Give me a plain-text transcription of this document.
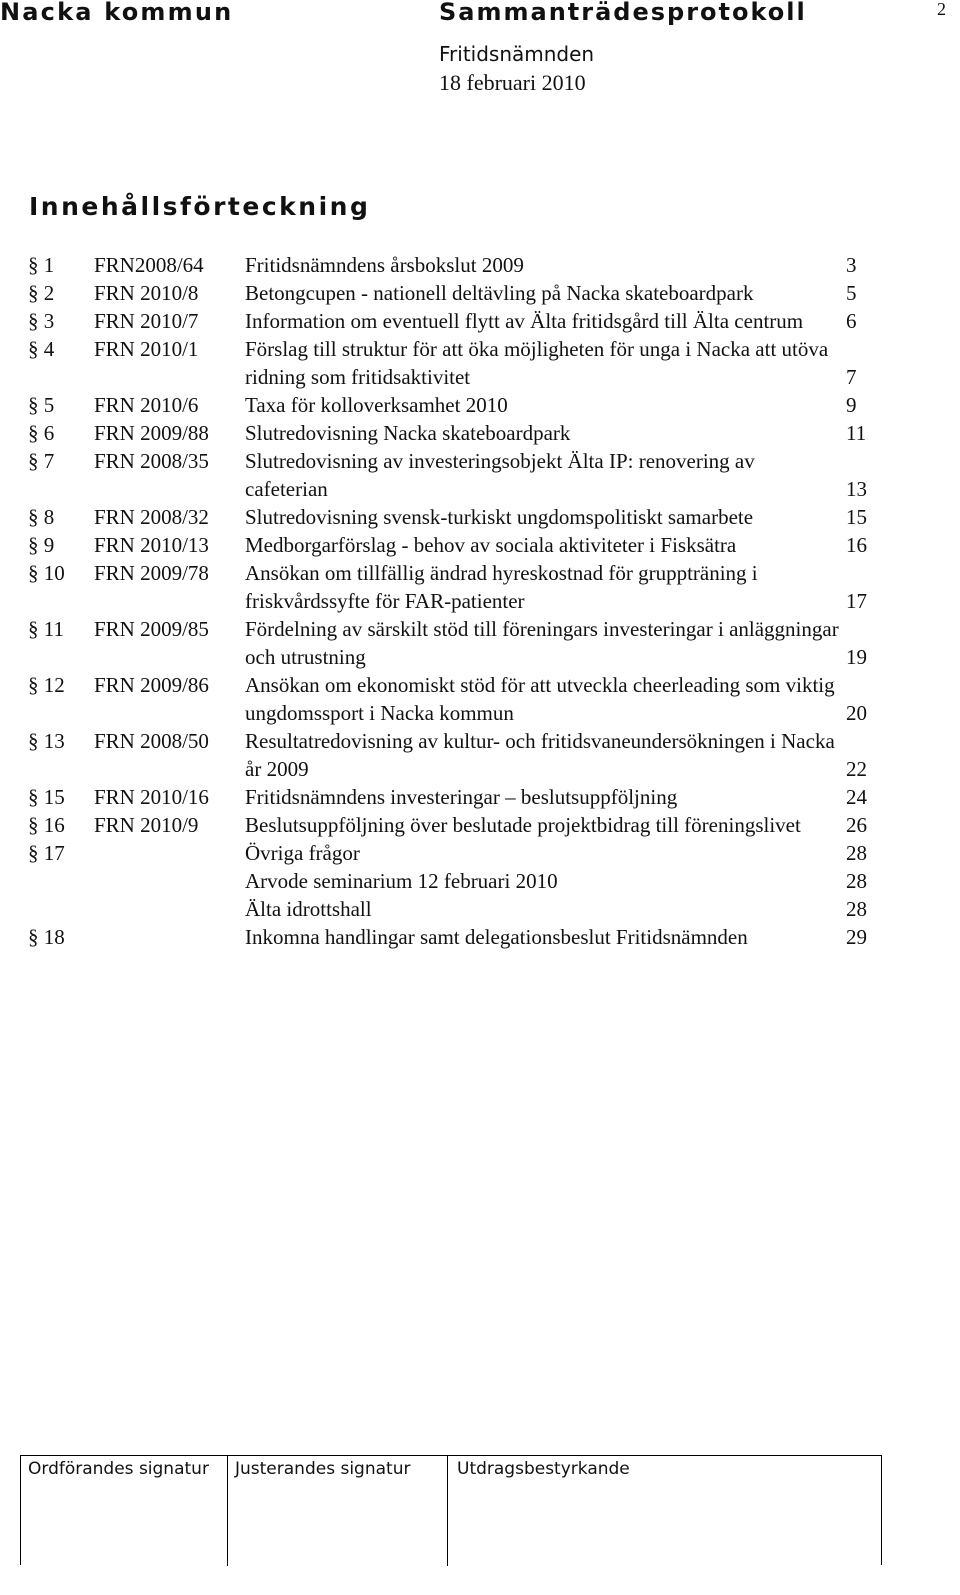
Nacka kommun	Sammanträdesprotokoll	2
Fritidsnämnden
18 februari 2010
Innehållsförteckning
§ 1 FRN2008/64 Fritidsnämndens årsbokslut 2009	3
§ 2 FRN 2010/8 Betongcupen - nationell deltävling på Nacka skateboardpark	5
§ 3 FRN 2010/7 Information om eventuell flytt av Älta fritidsgård till Älta centrum	6
§ 4 FRN 2010/1 Förslag till struktur för att öka möjligheten för unga i Nacka att utöva ridning som fritidsaktivitet	7
§ 5 FRN 2010/6 Taxa för kolloverksamhet 2010	9
§ 6 FRN 2009/88 Slutredovisning Nacka skateboardpark	11
§ 7 FRN 2008/35 Slutredovisning av investeringsobjekt Älta IP: renovering av cafeterian	13
§ 8 FRN 2008/32 Slutredovisning svensk-turkiskt ungdomspolitiskt samarbete	15
§ 9 FRN 2010/13 Medborgarförslag - behov av sociala aktiviteter i Fisksätra	16
§ 10 FRN 2009/78 Ansökan om tillfällig ändrad hyreskostnad för gruppträning i friskvårdssyfte för FAR-patienter	17
§ 11 FRN 2009/85 Fördelning av särskilt stöd till föreningars investeringar i anläggningar och utrustning	19
§ 12 FRN 2009/86 Ansökan om ekonomiskt stöd för att utveckla cheerleading som viktig ungdomssport i Nacka kommun	20
§ 13 FRN 2008/50 Resultatredovisning av kultur- och fritidsvaneundersökningen i Nacka år 2009	22
§ 15 FRN 2010/16 Fritidsnämndens investeringar – beslutsuppföljning	24
§ 16 FRN 2010/9 Beslutsuppföljning över beslutade projektbidrag till föreningslivet	26
§ 17	Övriga frågor	28
Arvode seminarium 12 februari 2010	28
Älta idrottshall	28
§ 18	Inkomna handlingar samt delegationsbeslut Fritidsnämnden	29
Ordförandes signatur	Justerandes signatur	Utdragsbestyrkande
